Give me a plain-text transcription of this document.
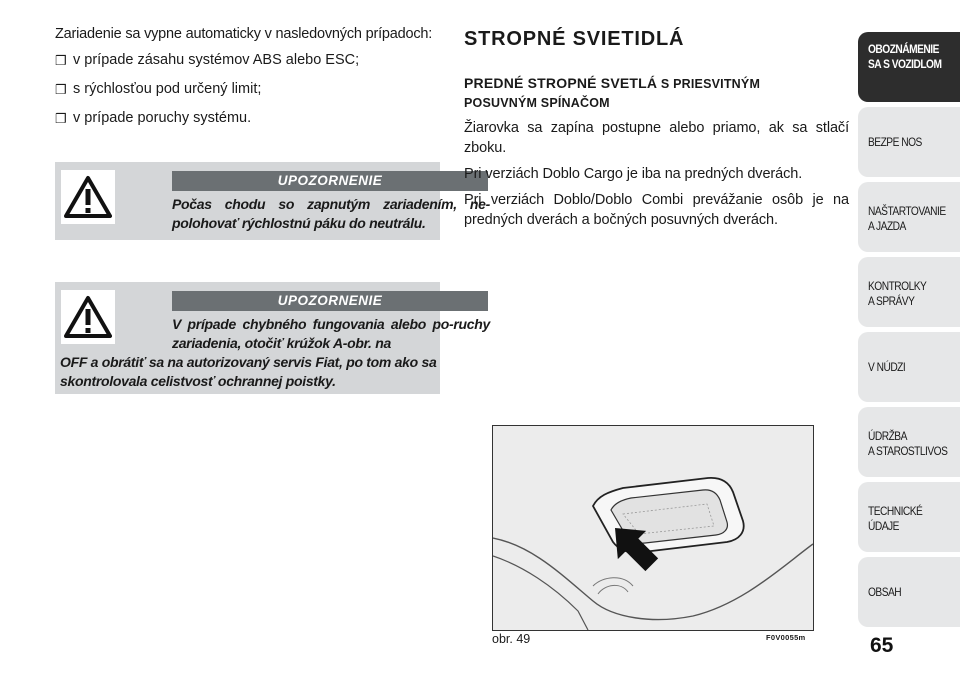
Zariadenie sa vypne automaticky v nasledovných prípadoch:

❒ v prípade zásahu systémov ABS alebo ESC;
❒ s rýchlosťou pod určený limit;
❒ v prípade poruchy systému.
UPOZORNENIE
Počas chodu so zapnutým zariadením, ne-polohovať rýchlostnú páku do neutrálu.
UPOZORNENIE
V prípade chybného fungovania alebo po-ruchy zariadenia, otočiť krúžok A-obr. na
OFF a obrátiť sa na autorizovaný servis Fiat, po tom ako sa skontrolovala celistvosť ochrannej poistky.
STROPNÉ SVIETIDLÁ
PREDNÉ STROPNÉ SVETLÁ S PRIESVITNÝM
POSUVNÝM SPÍNAČOM

Žiarovka sa zapína postupne alebo priamo, ak sa stlačí zboku.

Pri verziách Doblo Cargo je iba na predných dverách.

Pri verziách Doblo/Doblo Combi prevážanie osôb je na predných dverách a bočných posuvných dverách.

obr. 49	F0V0055m
OBOZNÁMENIE
SA S VOZIDLOM
BEZPE NOS
NAŠTARTOVANIE
A JAZDA
KONTROLKY
A SPRÁVY
V NÚDZI
ÚDRŽBA
A STAROSTLIVOS
TECHNICKÉ
ÚDAJE
OBSAH
65
